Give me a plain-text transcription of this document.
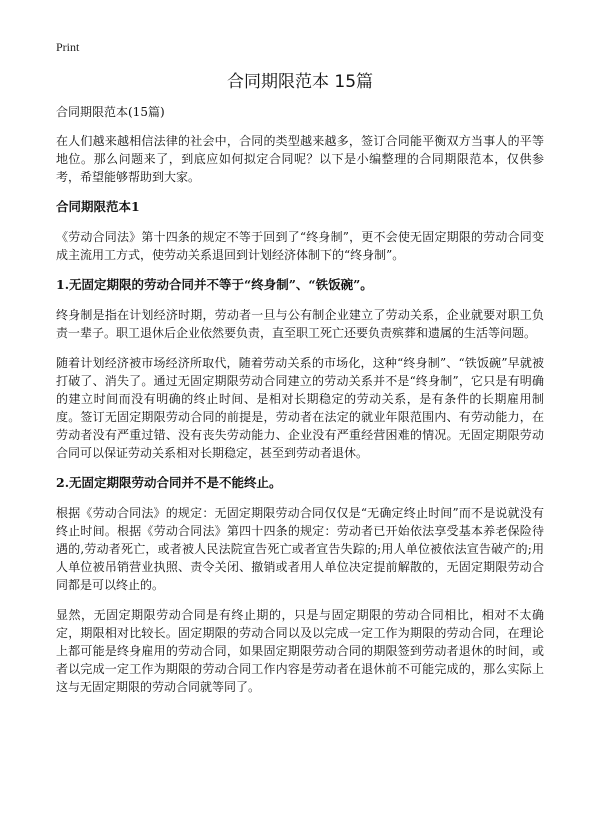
Print
合同期限范本 15篇
合同期限范本(15篇)

在人们越来越相信法律的社会中，合同的类型越来越多，签订合同能平衡双方当事人的平等地位。那么问题来了，到底应如何拟定合同呢？以下是小编整理的合同期限范本，仅供参考，希望能够帮助到大家。

合同期限范本1

《劳动合同法》第十四条的规定不等于回到了“终身制”，更不会使无固定期限的劳动合同变成主流用工方式，使劳动关系退回到计划经济体制下的“终身制”。

1.无固定期限的劳动合同并不等于“终身制”、“铁饭碗”。

终身制是指在计划经济时期，劳动者一旦与公有制企业建立了劳动关系，企业就要对职工负责一辈子。职工退休后企业依然要负责，直至职工死亡还要负责殡葬和遗属的生活等问题。

随着计划经济被市场经济所取代，随着劳动关系的市场化，这种“终身制”、“铁饭碗”早就被打破了、消失了。通过无固定期限劳动合同建立的劳动关系并不是“终身制”，它只是有明确的建立时间而没有明确的终止时间、是相对长期稳定的劳动关系，是有条件的长期雇用制度。签订无固定期限劳动合同的前提是，劳动者在法定的就业年限范围内、有劳动能力，在劳动者没有严重过错、没有丧失劳动能力、企业没有严重经营困难的情况。无固定期限劳动合同可以保证劳动关系相对长期稳定，甚至到劳动者退休。

2.无固定期限劳动合同并不是不能终止。

根据《劳动合同法》的规定：无固定期限劳动合同仅仅是“无确定终止时间”而不是说就没有终止时间。根据《劳动合同法》第四十四条的规定：劳动者已开始依法享受基本养老保险待遇的,劳动者死亡，或者被人民法院宣告死亡或者宣告失踪的;用人单位被依法宣告破产的;用人单位被吊销营业执照、责令关闭、撤销或者用人单位决定提前解散的，无固定期限劳动合同都是可以终止的。

显然，无固定期限劳动合同是有终止期的，只是与固定期限的劳动合同相比，相对不太确定，期限相对比较长。固定期限的劳动合同以及以完成一定工作为期限的劳动合同，在理论上都可能是终身雇用的劳动合同，如果固定期限劳动合同的期限签到劳动者退休的时间，或者以完成一定工作为期限的劳动合同工作内容是劳动者在退休前不可能完成的，那么实际上这与无固定期限的劳动合同就等同了。
